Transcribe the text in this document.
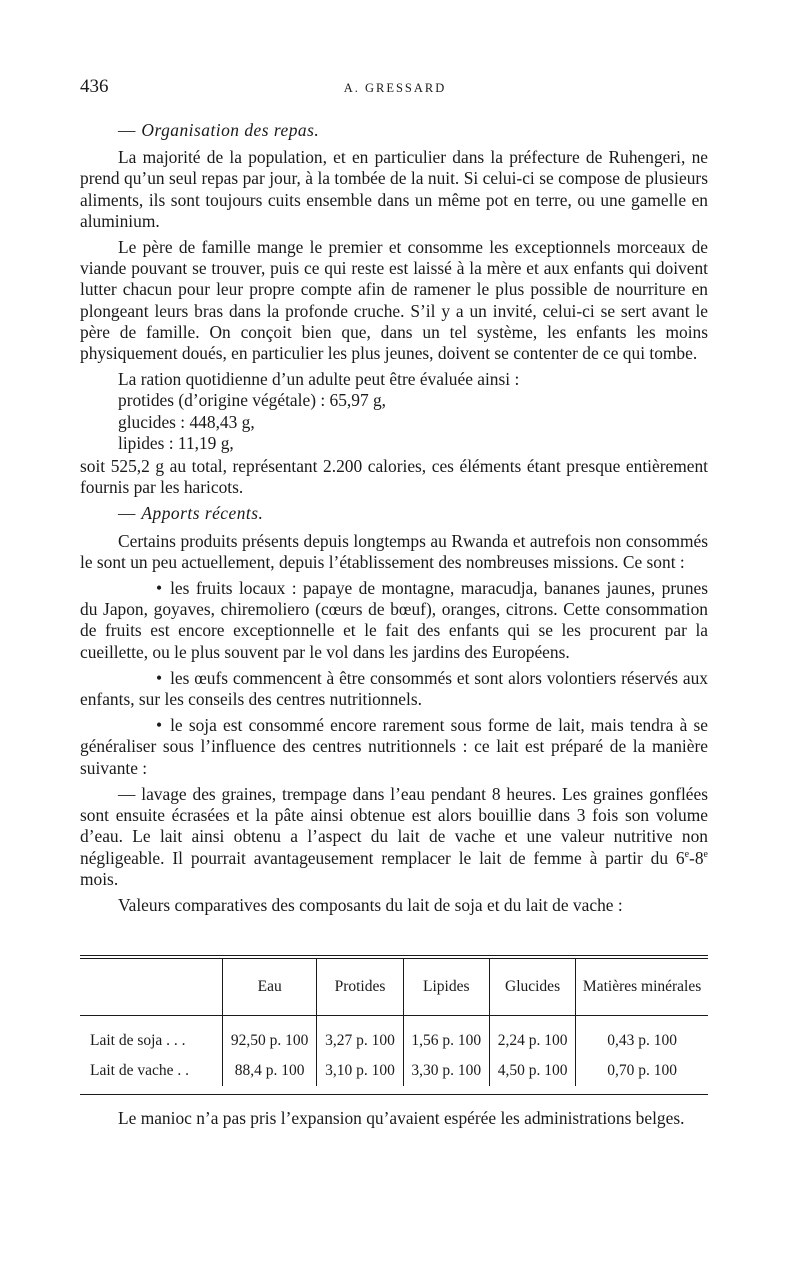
436	A. GRESSARD

— Organisation des repas.

La majorité de la population, et en particulier dans la préfecture de Ruhengeri, ne prend qu’un seul repas par jour, à la tombée de la nuit. Si celui-ci se compose de plusieurs aliments, ils sont toujours cuits ensemble dans un même pot en terre, ou une gamelle en aluminium.

Le père de famille mange le premier et consomme les exceptionnels morceaux de viande pouvant se trouver, puis ce qui reste est laissé à la mère et aux enfants qui doivent lutter chacun pour leur propre compte afin de ramener le plus possible de nourriture en plongeant leurs bras dans la profonde cruche. S’il y a un invité, celui-ci se sert avant le père de famille. On conçoit bien que, dans un tel système, les enfants les moins physiquement doués, en particulier les plus jeunes, doivent se contenter de ce qui tombe.

La ration quotidienne d’un adulte peut être évaluée ainsi :

protides (d’origine végétale) : 65,97 g,
glucides : 448,43 g,
lipides : 11,19 g,

soit 525,2 g au total, représentant 2.200 calories, ces éléments étant presque entièrement fournis par les haricots.

— Apports récents.

Certains produits présents depuis longtemps au Rwanda et autrefois non consommés le sont un peu actuellement, depuis l’établissement des nombreuses missions. Ce sont :

• les fruits locaux : papaye de montagne, maracudja, bananes jaunes, prunes du Japon, goyaves, chiremoliero (cœurs de bœuf), oranges, citrons. Cette consommation de fruits est encore exceptionnelle et le fait des enfants qui se les procurent par la cueillette, ou le plus souvent par le vol dans les jardins des Européens.

• les œufs commencent à être consommés et sont alors volontiers réservés aux enfants, sur les conseils des centres nutritionnels.

• le soja est consommé encore rarement sous forme de lait, mais tendra à se généraliser sous l’influence des centres nutritionnels : ce lait est préparé de la manière suivante :

— lavage des graines, trempage dans l’eau pendant 8 heures. Les graines gonflées sont ensuite écrasées et la pâte ainsi obtenue est alors bouillie dans 3 fois son volume d’eau. Le lait ainsi obtenu a l’aspect du lait de vache et une valeur nutritive non négligeable. Il pourrait avantageusement remplacer le lait de femme à partir du 6e-8e mois.

Valeurs comparatives des composants du lait de soja et du lait de vache :

	Eau	Protides	Lipides	Glucides	Matières minérales
Lait de soja . . .	92,50 p. 100	3,27 p. 100	1,56 p. 100	2,24 p. 100	0,43 p. 100
Lait de vache . .	88,4 p. 100	3,10 p. 100	3,30 p. 100	4,50 p. 100	0,70 p. 100

Le manioc n’a pas pris l’expansion qu’avaient espérée les administrations belges.
